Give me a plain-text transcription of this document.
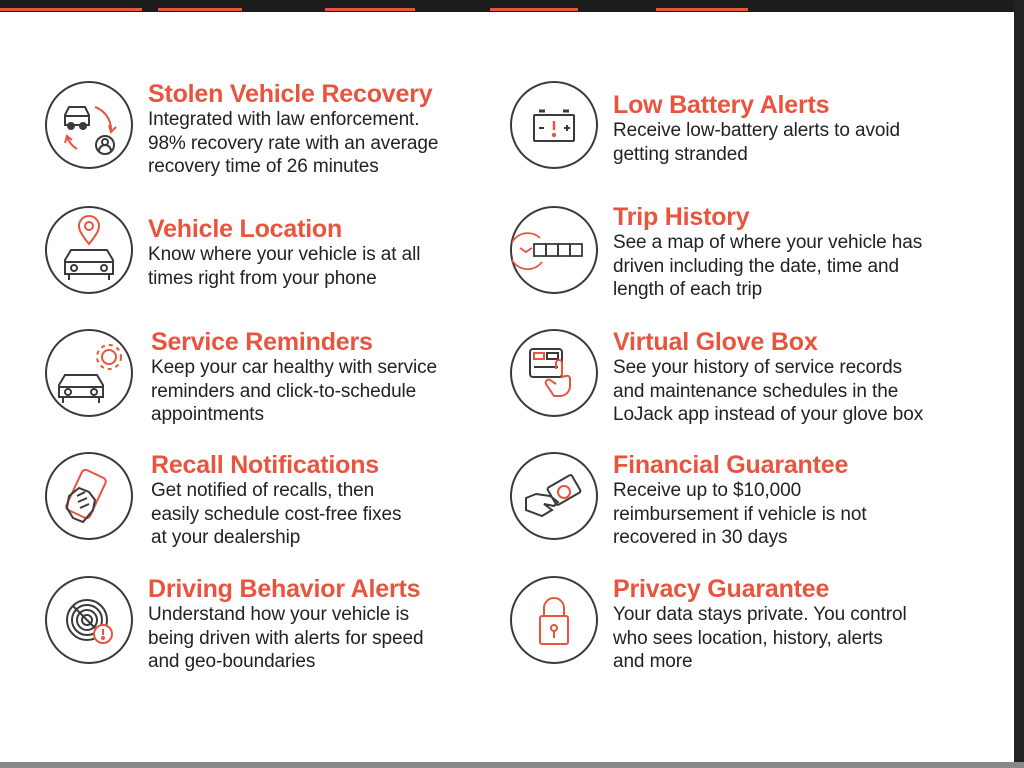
Stolen Vehicle Recovery
Integrated with law enforcement.
98% recovery rate with an average
recovery time of 26 minutes
Vehicle Location
Know where your vehicle is at all
times right from your phone
Service Reminders
Keep your car healthy with service
reminders and click-to-schedule
appointments
Recall Notifications
Get notified of recalls, then
easily schedule cost-free fixes
at your dealership
Driving Behavior Alerts
Understand how your vehicle is
being driven with alerts for speed
and geo-boundaries
Low Battery Alerts
Receive low-battery alerts to avoid
getting stranded
Trip History
See a map of where your vehicle has
driven including the date, time and
length of each trip
Virtual Glove Box
See your history of service records
and maintenance schedules in the
LoJack app instead of your glove box
Financial Guarantee
Receive up to $10,000
reimbursement if vehicle is not
recovered in 30 days
Privacy Guarantee
Your data stays private. You control
who sees location, history, alerts
and more
